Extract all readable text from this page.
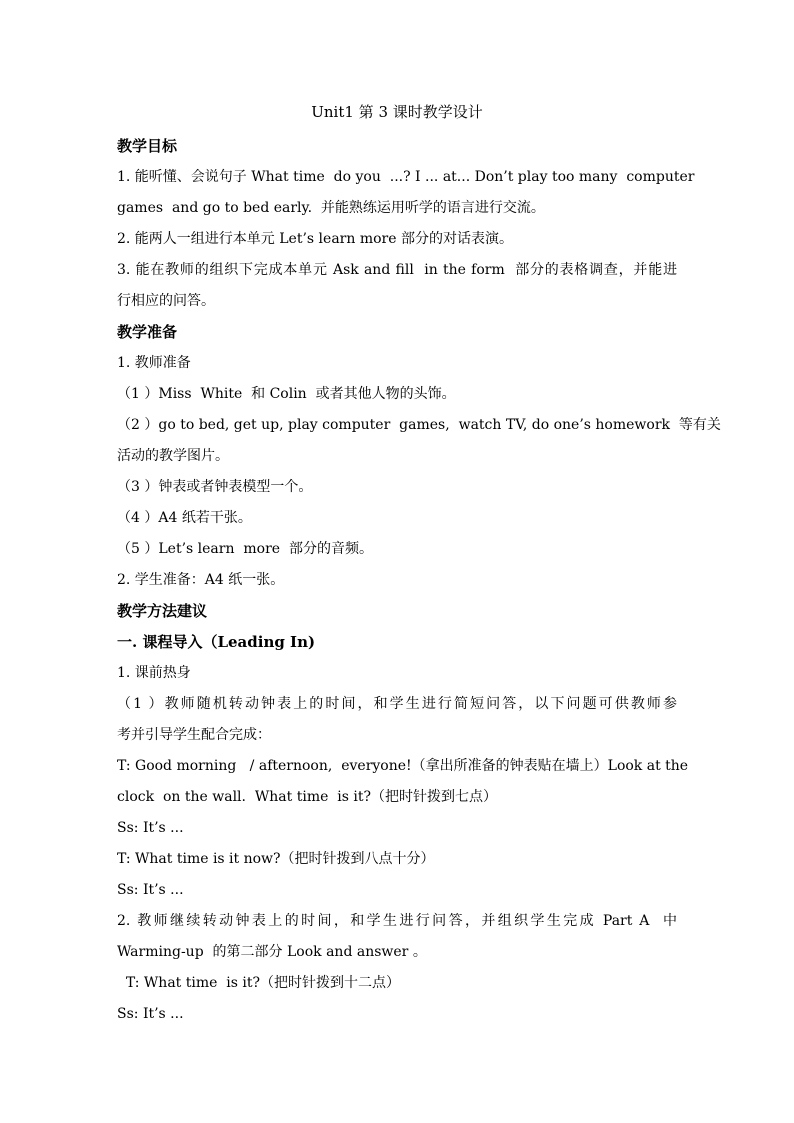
Unit1 第 3 课时教学设计
教学目标
1. 能听懂、会说句子 What time  do you  ...? I ... at... Don’t play too many  computer
games  and go to bed early.  并能熟练运用听学的语言进行交流。
2. 能两人一组进行本单元 Let’s learn more 部分的对话表演。
3. 能在教师的组织下完成本单元 Ask and fill  in the form  部分的表格调查，并能进
行相应的问答。
教学准备
1. 教师准备
（1 ）Miss  White  和 Colin  或者其他人物的头饰。
（2 ）go to bed, get up, play computer  games,  watch TV, do one’s homework  等有关
活动的教学图片。
（3 ）钟表或者钟表模型一个。
（4 ）A4 纸若干张。
（5 ）Let’s learn  more  部分的音频。
2. 学生准备：A4 纸一张。
教学方法建议
一. 课程导入（Leading In)
1. 课前热身
（1 ）教师随机转动钟表上的时间，和学生进行简短问答，以下问题可供教师参
考并引导学生配合完成：
T: Good morning   / afternoon,  everyone!（拿出所准备的钟表贴在墙上）Look at the
clock  on the wall.  What time  is it?（把时针拨到七点）
Ss: It’s ...
T: What time is it now?（把时针拨到八点十分）
Ss: It’s ...
2. 教师继续转动钟表上的时间，和学生进行问答，并组织学生完成 Part A  中
Warming-up  的第二部分 Look and answer 。
T: What time  is it?（把时针拨到十二点）
Ss: It’s ...
